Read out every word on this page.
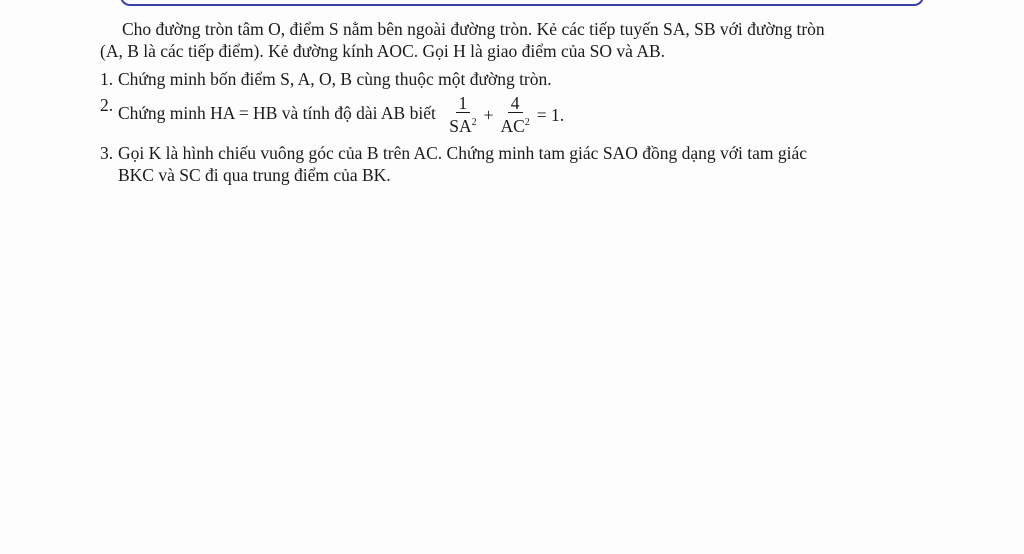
Cho đường tròn tâm O, điểm S nằm bên ngoài đường tròn. Kẻ các tiếp tuyến SA, SB với đường tròn (A, B là các tiếp điểm). Kẻ đường kính AOC. Gọi H là giao điểm của SO và AB.

1. Chứng minh bốn điểm S, A, O, B cùng thuộc một đường tròn.
2. Chứng minh HA = HB và tính độ dài AB biết $\frac{1}{SA^2} + \frac{4}{AC^2} = 1$.
3. Gọi K là hình chiếu vuông góc của B trên AC. Chứng minh tam giác SAO đồng dạng với tam giác BKC và SC đi qua trung điểm của BK.
